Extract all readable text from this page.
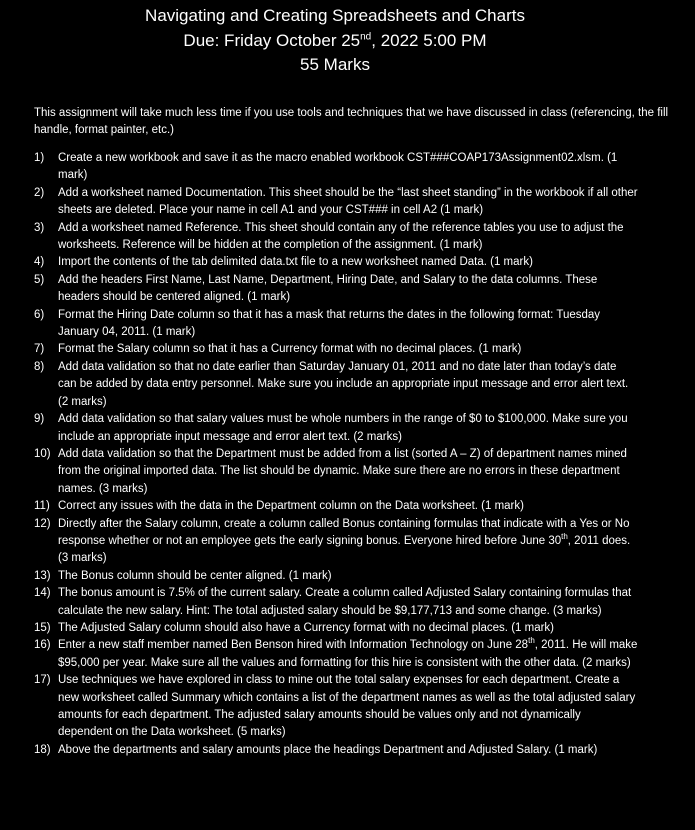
Navigating and Creating Spreadsheets and Charts
Due: Friday October 25nd, 2022 5:00 PM
55 Marks
This assignment will take much less time if you use tools and techniques that we have discussed in class (referencing, the fill handle, format painter, etc.)
1)	Create a new workbook and save it as the macro enabled workbook CST###COAP173Assignment02.xlsm. (1 mark)
2)	Add a worksheet named Documentation. This sheet should be the “last sheet standing” in the workbook if all other sheets are deleted. Place your name in cell A1 and your CST### in cell A2 (1 mark)
3)	Add a worksheet named Reference. This sheet should contain any of the reference tables you use to adjust the worksheets. Reference will be hidden at the completion of the assignment. (1 mark)
4)	Import the contents of the tab delimited data.txt file to a new worksheet named Data. (1 mark)
5)	Add the headers First Name, Last Name, Department, Hiring Date, and Salary to the data columns. These headers should be centered aligned. (1 mark)
6)	Format the Hiring Date column so that it has a mask that returns the dates in the following format: Tuesday January 04, 2011. (1 mark)
7)	Format the Salary column so that it has a Currency format with no decimal places. (1 mark)
8)	Add data validation so that no date earlier than Saturday January 01, 2011 and no date later than today’s date can be added by data entry personnel. Make sure you include an appropriate input message and error alert text. (2 marks)
9)	Add data validation so that salary values must be whole numbers in the range of $0 to $100,000. Make sure you include an appropriate input message and error alert text. (2 marks)
10) Add data validation so that the Department must be added from a list (sorted A – Z) of department names mined from the original imported data. The list should be dynamic. Make sure there are no errors in these department names. (3 marks)
11) Correct any issues with the data in the Department column on the Data worksheet. (1 mark)
12) Directly after the Salary column, create a column called Bonus containing formulas that indicate with a Yes or No response whether or not an employee gets the early signing bonus. Everyone hired before June 30th, 2011 does. (3 marks)
13) The Bonus column should be center aligned. (1 mark)
14) The bonus amount is 7.5% of the current salary. Create a column called Adjusted Salary containing formulas that calculate the new salary. Hint: The total adjusted salary should be $9,177,713 and some change. (3 marks)
15) The Adjusted Salary column should also have a Currency format with no decimal places. (1 mark)
16) Enter a new staff member named Ben Benson hired with Information Technology on June 28th, 2011. He will make $95,000 per year. Make sure all the values and formatting for this hire is consistent with the other data. (2 marks)
17) Use techniques we have explored in class to mine out the total salary expenses for each department. Create a new worksheet called Summary which contains a list of the department names as well as the total adjusted salary amounts for each department. The adjusted salary amounts should be values only and not dynamically dependent on the Data worksheet. (5 marks)
18) Above the departments and salary amounts place the headings Department and Adjusted Salary. (1 mark)
